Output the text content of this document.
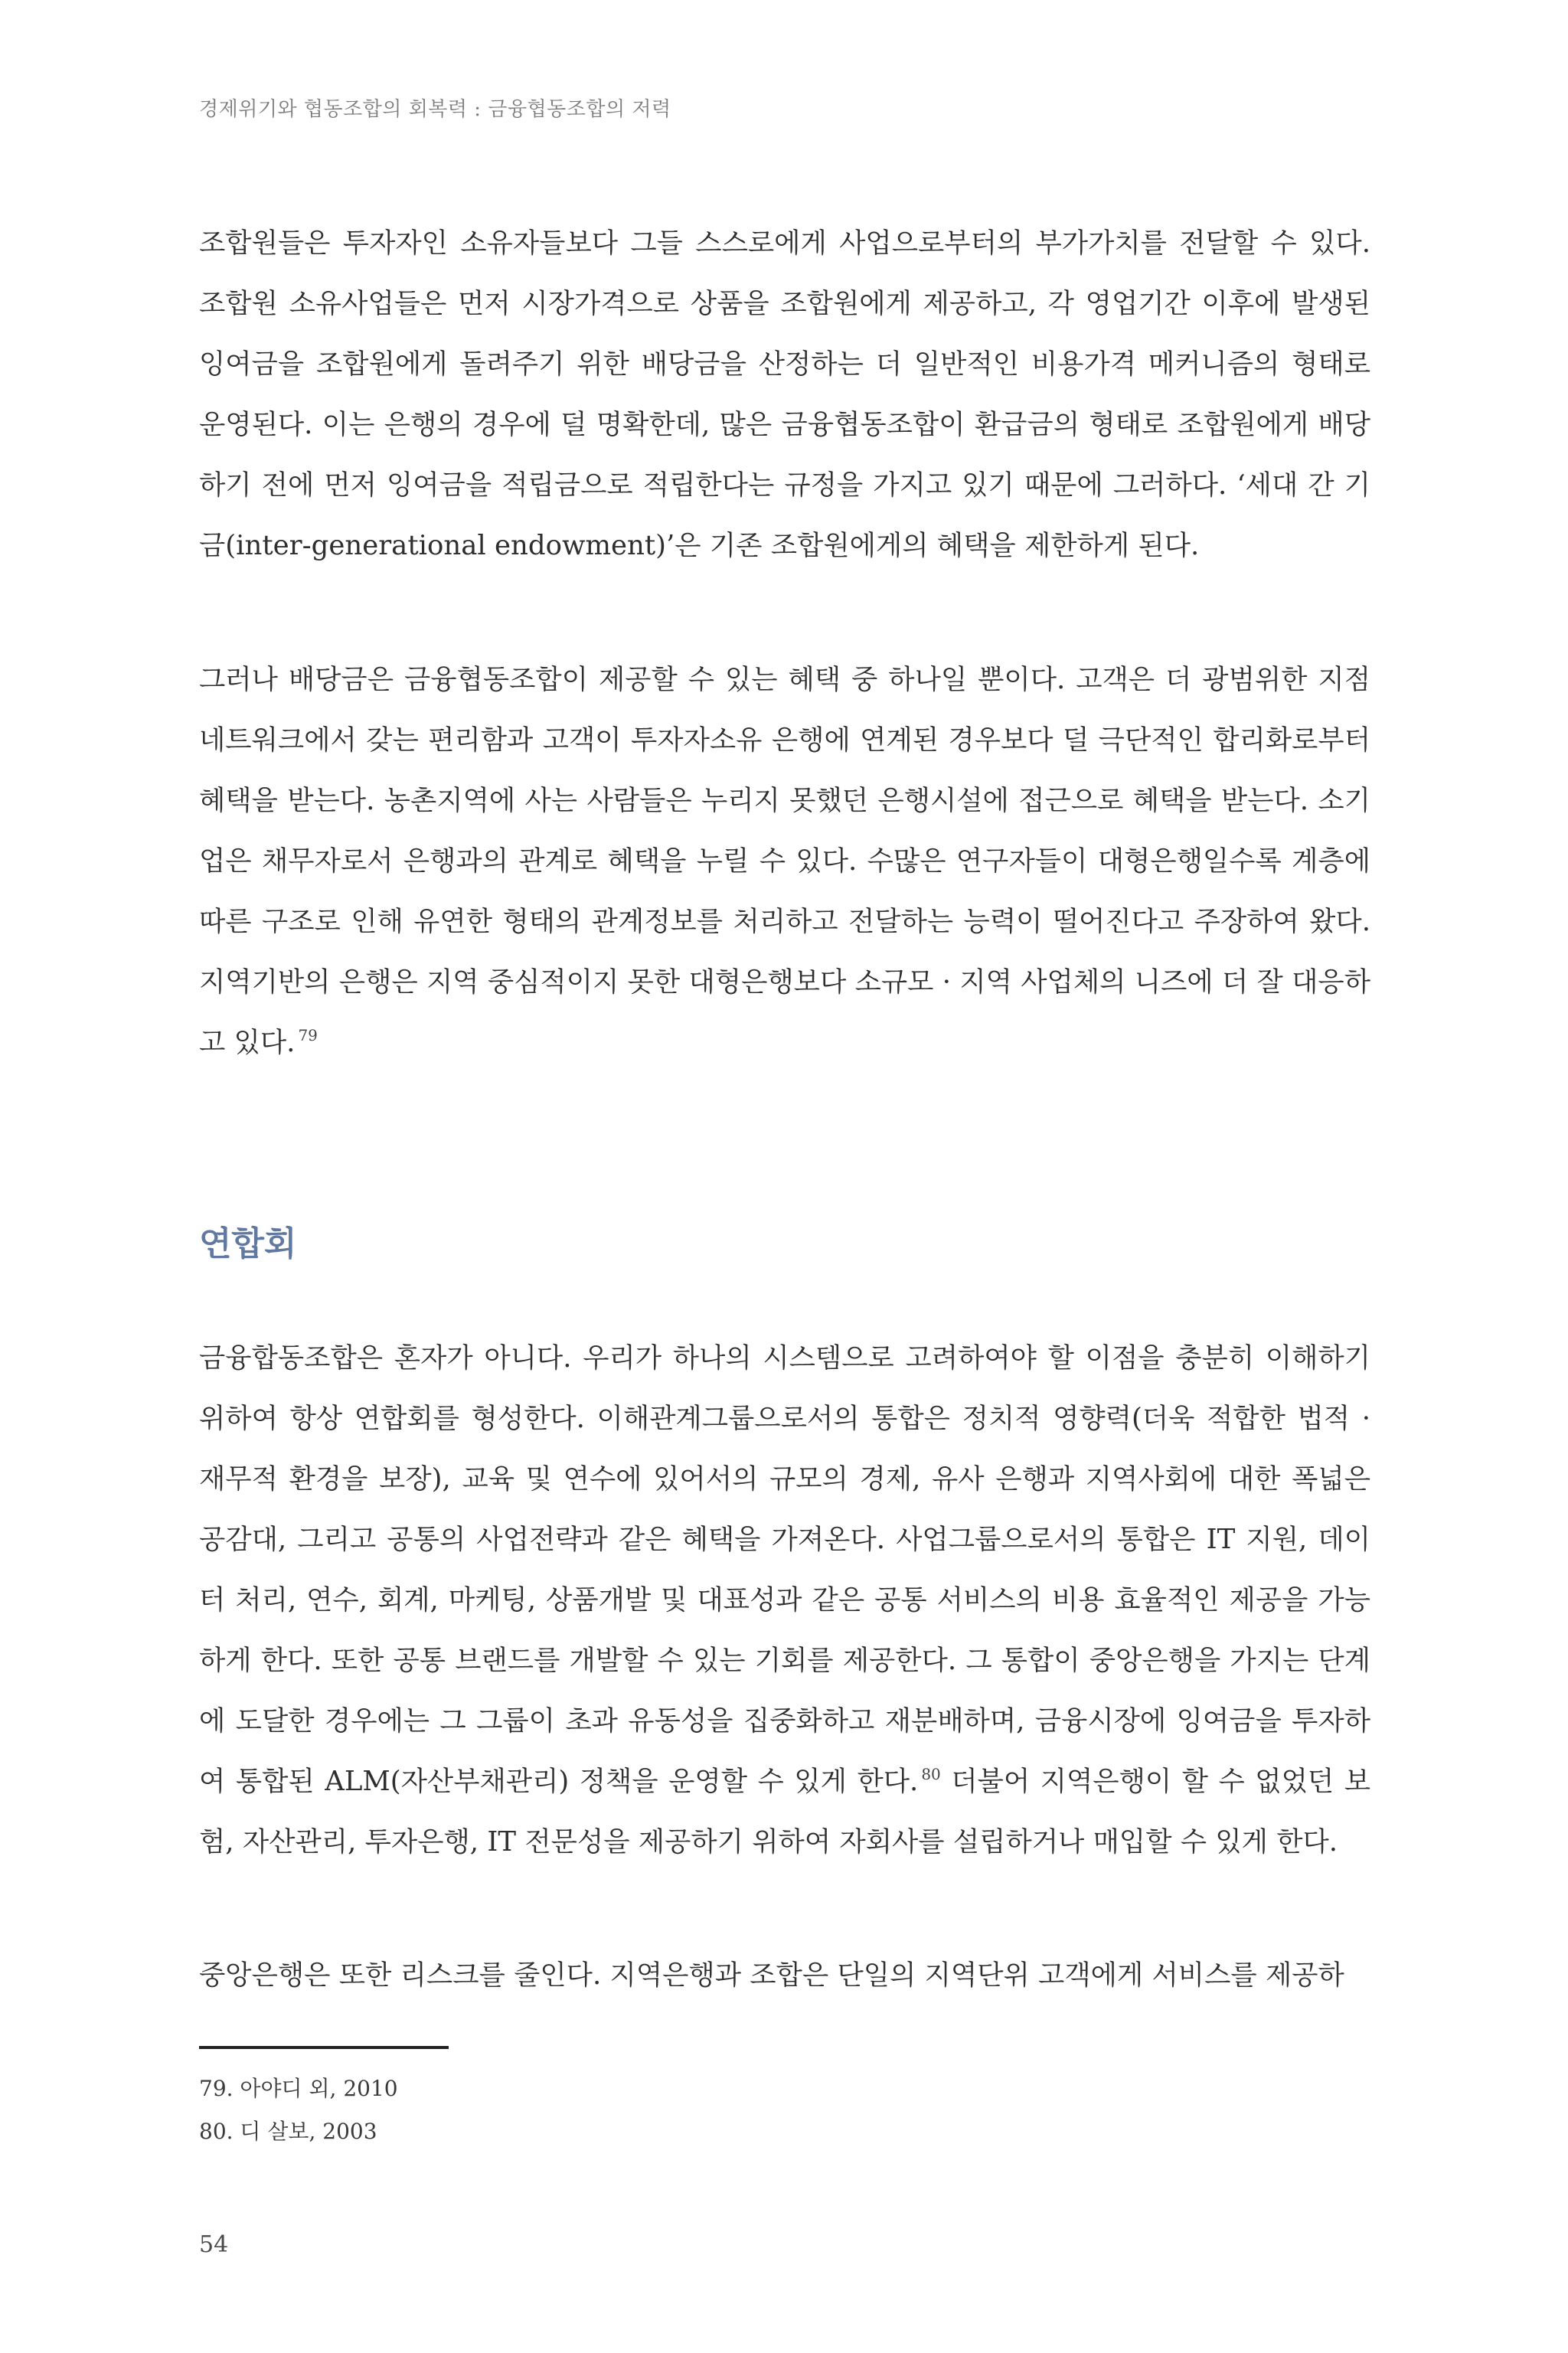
경제위기와 협동조합의 회복력 : 금융협동조합의 저력

조합원들은 투자자인 소유자들보다 그들 스스로에게 사업으로부터의 부가가치를 전달할 수 있다. 조합원 소유사업들은 먼저 시장가격으로 상품을 조합원에게 제공하고, 각 영업기간 이후에 발생된 잉여금을 조합원에게 돌려주기 위한 배당금을 산정하는 더 일반적인 비용가격 메커니즘의 형태로 운영된다. 이는 은행의 경우에 덜 명확한데, 많은 금융협동조합이 환급금의 형태로 조합원에게 배당하기 전에 먼저 잉여금을 적립금으로 적립한다는 규정을 가지고 있기 때문에 그러하다. ‘세대 간 기금(inter-generational endowment)’은 기존 조합원에게의 혜택을 제한하게 된다.

그러나 배당금은 금융협동조합이 제공할 수 있는 혜택 중 하나일 뿐이다. 고객은 더 광범위한 지점 네트워크에서 갖는 편리함과 고객이 투자자소유 은행에 연계된 경우보다 덜 극단적인 합리화로부터 혜택을 받는다. 농촌지역에 사는 사람들은 누리지 못했던 은행시설에 접근으로 혜택을 받는다. 소기업은 채무자로서 은행과의 관계로 혜택을 누릴 수 있다. 수많은 연구자들이 대형은행일수록 계층에 따른 구조로 인해 유연한 형태의 관계정보를 처리하고 전달하는 능력이 떨어진다고 주장하여 왔다. 지역기반의 은행은 지역 중심적이지 못한 대형은행보다 소규모 · 지역 사업체의 니즈에 더 잘 대응하고 있다. $^{79}$

연합회

금융합동조합은 혼자가 아니다. 우리가 하나의 시스템으로 고려하여야 할 이점을 충분히 이해하기 위하여 항상 연합회를 형성한다. 이해관계그룹으로서의 통합은 정치적 영향력(더욱 적합한 법적 · 재무적 환경을 보장), 교육 및 연수에 있어서의 규모의 경제, 유사 은행과 지역사회에 대한 폭넓은 공감대, 그리고 공통의 사업전략과 같은 혜택을 가져온다. 사업그룹으로서의 통합은 IT 지원, 데이터 처리, 연수, 회계, 마케팅, 상품개발 및 대표성과 같은 공통 서비스의 비용 효율적인 제공을 가능하게 한다. 또한 공통 브랜드를 개발할 수 있는 기회를 제공한다. 그 통합이 중앙은행을 가지는 단계에 도달한 경우에는 그 그룹이 초과 유동성을 집중화하고 재분배하며, 금융시장에 잉여금을 투자하여 통합된 ALM(자산부채관리) 정책을 운영할 수 있게 한다. $^{80}$ 더불어 지역은행이 할 수 없었던 보험, 자산관리, 투자은행, IT 전문성을 제공하기 위하여 자회사를 설립하거나 매입할 수 있게 한다.

중앙은행은 또한 리스크를 줄인다. 지역은행과 조합은 단일의 지역단위 고객에게 서비스를 제공하

79. 아야디 외, 2010
80. 디 살보, 2003
54
